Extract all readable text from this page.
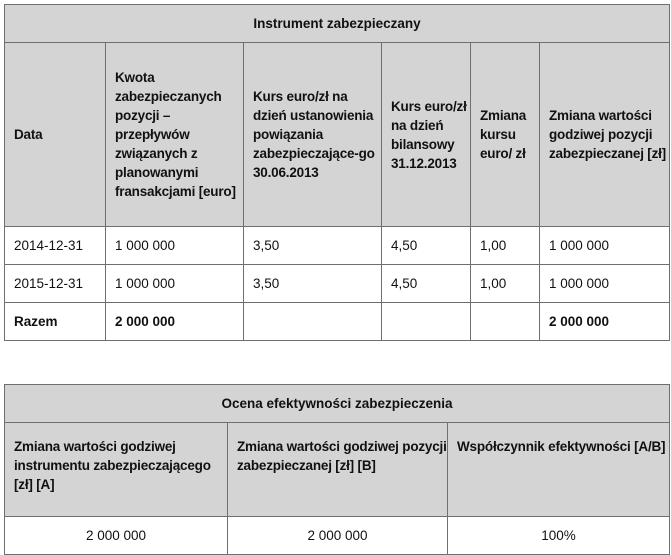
Instrument zabezpieczany					
Data	Kwota zabezpieczanych pozycji – przepływów związanych z planowanymi fransakcjami [euro]	Kurs euro/zł na dzień ustanowienia powiązania zabezpieczające-go 30.06.2013	Kurs euro/zł na dzień bilansowy 31.12.2013	Zmiana kursu euro/ zł	Zmiana wartości godziwej pozycji zabezpieczanej [zł]
2014-12-31	1 000 000	3,50	4,50	1,00	1 000 000
2015-12-31	1 000 000	3,50	4,50	1,00	1 000 000
Razem	2 000 000				2 000 000
Ocena efektywności zabezpieczenia		
Zmiana wartości godziwej instrumentu zabezpieczającego [zł] [A]	Zmiana wartości godziwej pozycji zabezpieczanej [zł] [B]	Współczynnik efektywności [A/B]
2 000 000	2 000 000	100%
